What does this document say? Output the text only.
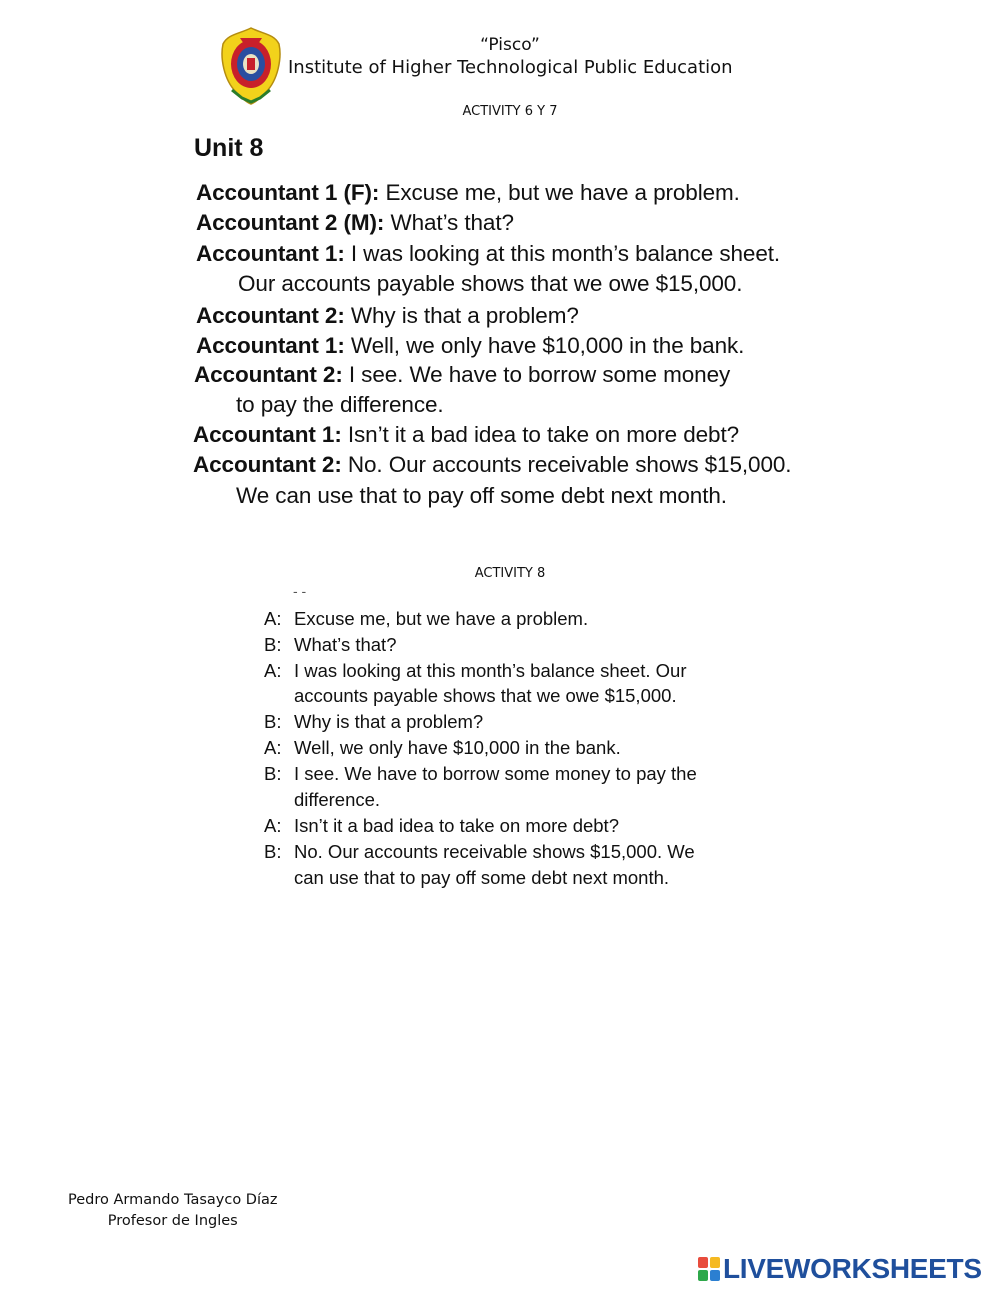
“Pisco”
Institute of Higher Technological Public Education
ACTIVITY 6 Y 7
Unit 8
Accountant 1 (F): Excuse me, but we have a problem.
Accountant 2 (M): What’s that?
Accountant 1: I was looking at this month’s balance sheet.
Our accounts payable shows that we owe $15,000.
Accountant 2: Why is that a problem?
Accountant 1: Well, we only have $10,000 in the bank.
Accountant 2: I see. We have to borrow some money
to pay the difference.
Accountant 1: Isn’t it a bad idea to take on more debt?
Accountant 2: No. Our accounts receivable shows $15,000.
We can use that to pay off some debt next month.
ACTIVITY 8
- -
A: Excuse me, but we have a problem.
B: What’s that?
A: I was looking at this month’s balance sheet. Our
accounts payable shows that we owe $15,000.
B: Why is that a problem?
A: Well, we only have $10,000 in the bank.
B: I see. We have to borrow some money to pay the
difference.
A: Isn’t it a bad idea to take on more debt?
B: No. Our accounts receivable shows $15,000. We
can use that to pay off some debt next month.
Pedro Armando Tasayco Díaz
Profesor de Ingles
LIVEWORKSHEETS
